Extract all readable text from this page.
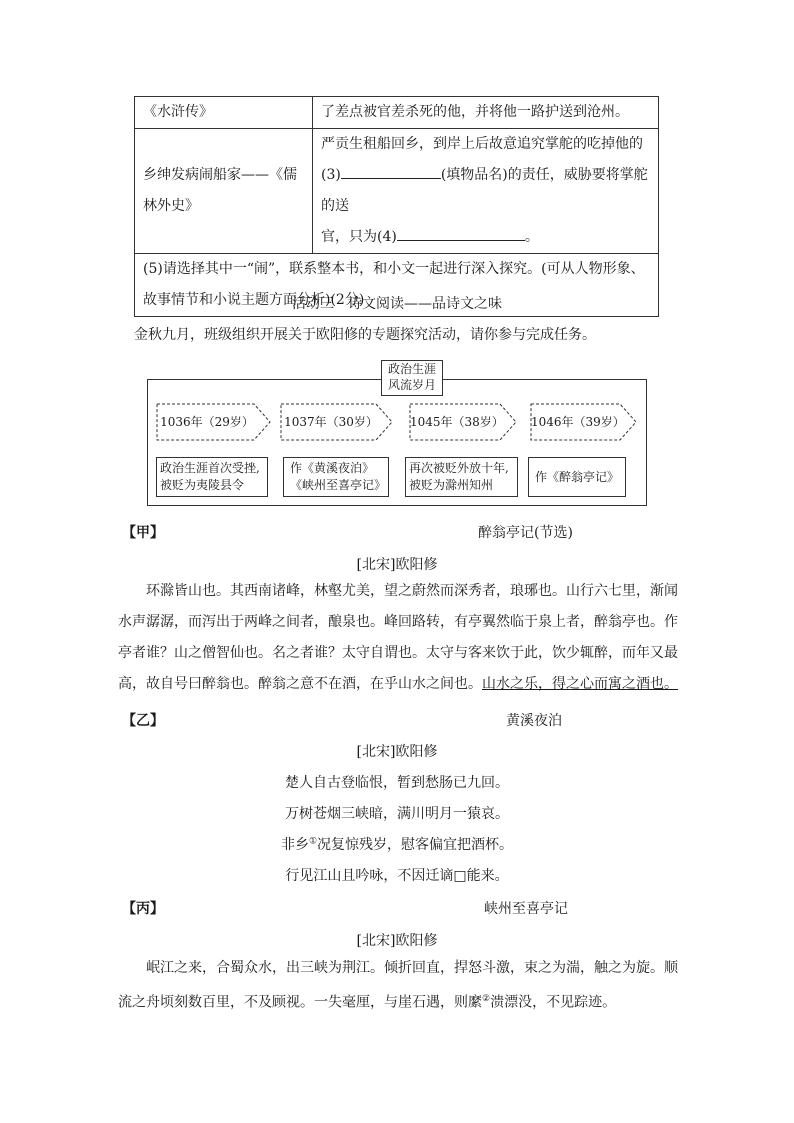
《水浒传》	了差点被官差杀死的他，并将他一路护送到沧州。
乡绅发病闹船家——《儒林外史》	严贡生租船回乡，到岸上后故意追究掌舵的吃掉他的
(3) (填物品名)的责任，威胁要将掌舵的送
官，只为(4) 。

(5)请选择其中一“闹”，联系整本书，和小文一起进行深入探究。(可从人物形象、故事情节和小说主题方面分析)(2分)	
活动三　诗文阅读——品诗文之味
金秋九月，班级组织开展关于欧阳修的专题探究活动，请你参与完成任务。
政治生涯
风流岁月
1036年（29岁）	1037年（30岁）	1045年（38岁） 1046年（39岁）
政治生涯首次受挫,
被贬为夷陵县令
作《黄溪夜泊》
《峡州至喜亭记》
再次被贬外放十年,
被贬为滁州知州
作《醉翁亭记》
【甲】	醉翁亭记(节选)
[北宋]欧阳修
环滁皆山也。其西南诸峰，林壑尤美，望之蔚然而深秀者，琅琊也。山行六七里，渐闻水声潺潺，而泻出于两峰之间者，酿泉也。峰回路转，有亭翼然临于泉上者，醉翁亭也。作亭者谁？山之僧智仙也。名之者谁？太守自谓也。太守与客来饮于此，饮少辄醉，而年又最高，故自号曰醉翁也。醉翁之意不在酒，在乎山水之间也。山水之乐，得之心而寓之酒也。
【乙】	黄溪夜泊
[北宋]欧阳修
楚人自古登临恨，暂到愁肠已九回。
万树苍烟三峡暗，满川明月一猿哀。
非乡①况复惊残岁，慰客偏宜把酒杯。
行见江山且吟咏，不因迁谪□能来。
【丙】	峡州至喜亭记
[北宋]欧阳修
岷江之来，合蜀众水，出三峡为荆江。倾折回直，捍怒斗激，束之为湍，触之为旋。顺流之舟顷刻数百里，不及顾视。一失毫厘，与崖石遇，则縻②溃漂没，不见踪迹。
